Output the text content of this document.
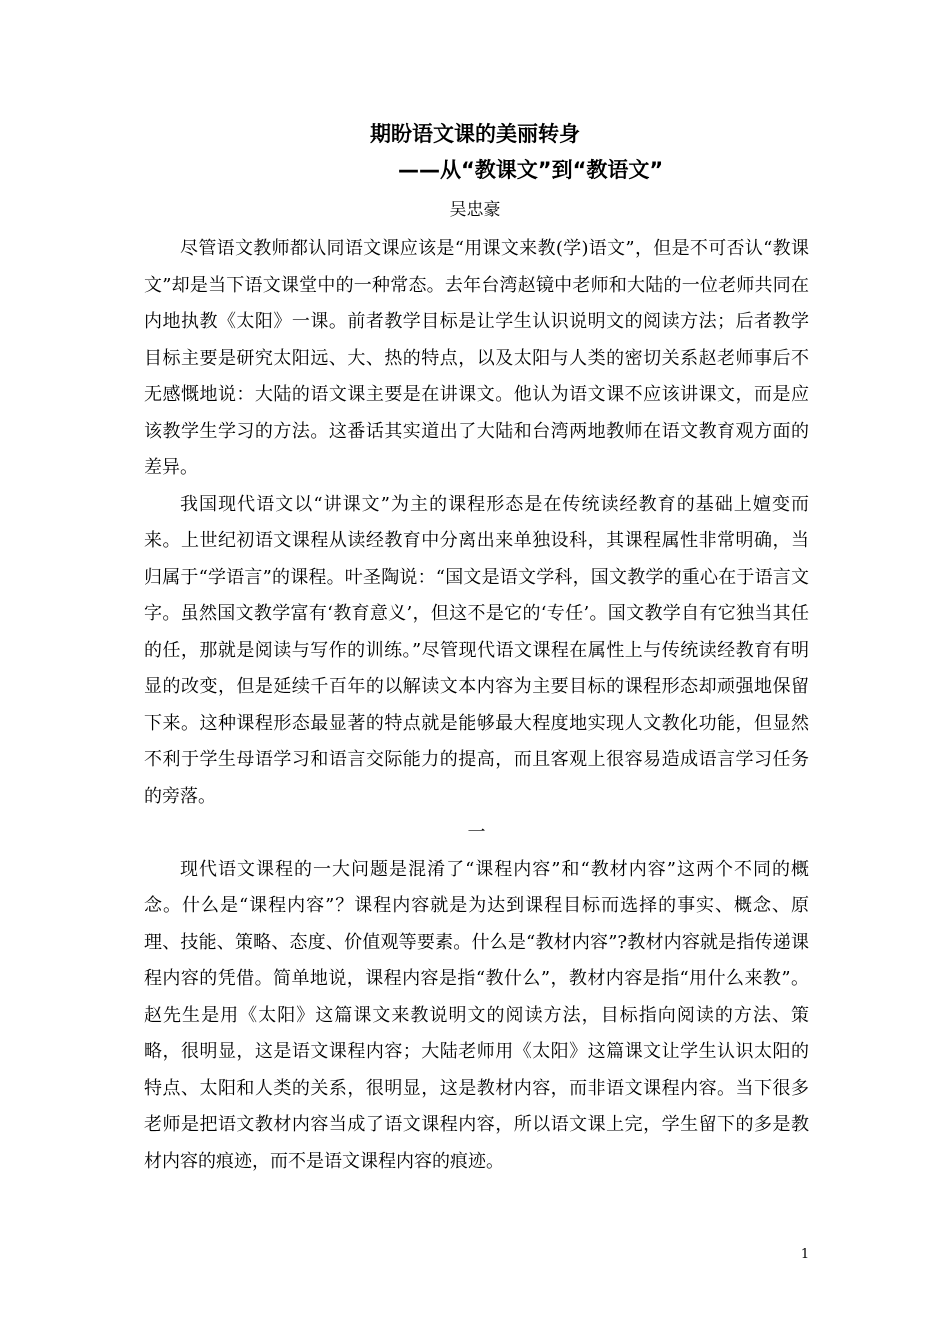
期盼语文课的美丽转身
——从“教课文”到“教语文”
吴忠豪

尽管语文教师都认同语文课应该是“用课文来教(学)语文”，但是不可否认“教课文”却是当下语文课堂中的一种常态。去年台湾赵镜中老师和大陆的一位老师共同在内地执教《太阳》一课。前者教学目标是让学生认识说明文的阅读方法；后者教学目标主要是研究太阳远、大、热的特点，以及太阳与人类的密切关系赵老师事后不无感慨地说：大陆的语文课主要是在讲课文。他认为语文课不应该讲课文，而是应该教学生学习的方法。这番话其实道出了大陆和台湾两地教师在语文教育观方面的差异。

我国现代语文以“讲课文”为主的课程形态是在传统读经教育的基础上嬗变而来。上世纪初语文课程从读经教育中分离出来单独设科，其课程属性非常明确，当归属于“学语言”的课程。叶圣陶说：“国文是语文学科，国文教学的重心在于语言文字。虽然国文教学富有‘教育意义’，但这不是它的‘专任’。国文教学自有它独当其任的任，那就是阅读与写作的训练。”尽管现代语文课程在属性上与传统读经教育有明显的改变，但是延续千百年的以解读文本内容为主要目标的课程形态却顽强地保留下来。这种课程形态最显著的特点就是能够最大程度地实现人文教化功能，但显然不利于学生母语学习和语言交际能力的提高，而且客观上很容易造成语言学习任务的旁落。

一

现代语文课程的一大问题是混淆了“课程内容”和“教材内容”这两个不同的概念。什么是“课程内容”？课程内容就是为达到课程目标而选择的事实、概念、原理、技能、策略、态度、价值观等要素。什么是“教材内容”?教材内容就是指传递课程内容的凭借。简单地说，课程内容是指“教什么”，教材内容是指“用什么来教”。赵先生是用《太阳》这篇课文来教说明文的阅读方法，目标指向阅读的方法、策略，很明显，这是语文课程内容；大陆老师用《太阳》这篇课文让学生认识太阳的特点、太阳和人类的关系，很明显，这是教材内容，而非语文课程内容。当下很多老师是把语文教材内容当成了语文课程内容，所以语文课上完，学生留下的多是教材内容的痕迹，而不是语文课程内容的痕迹。

1
